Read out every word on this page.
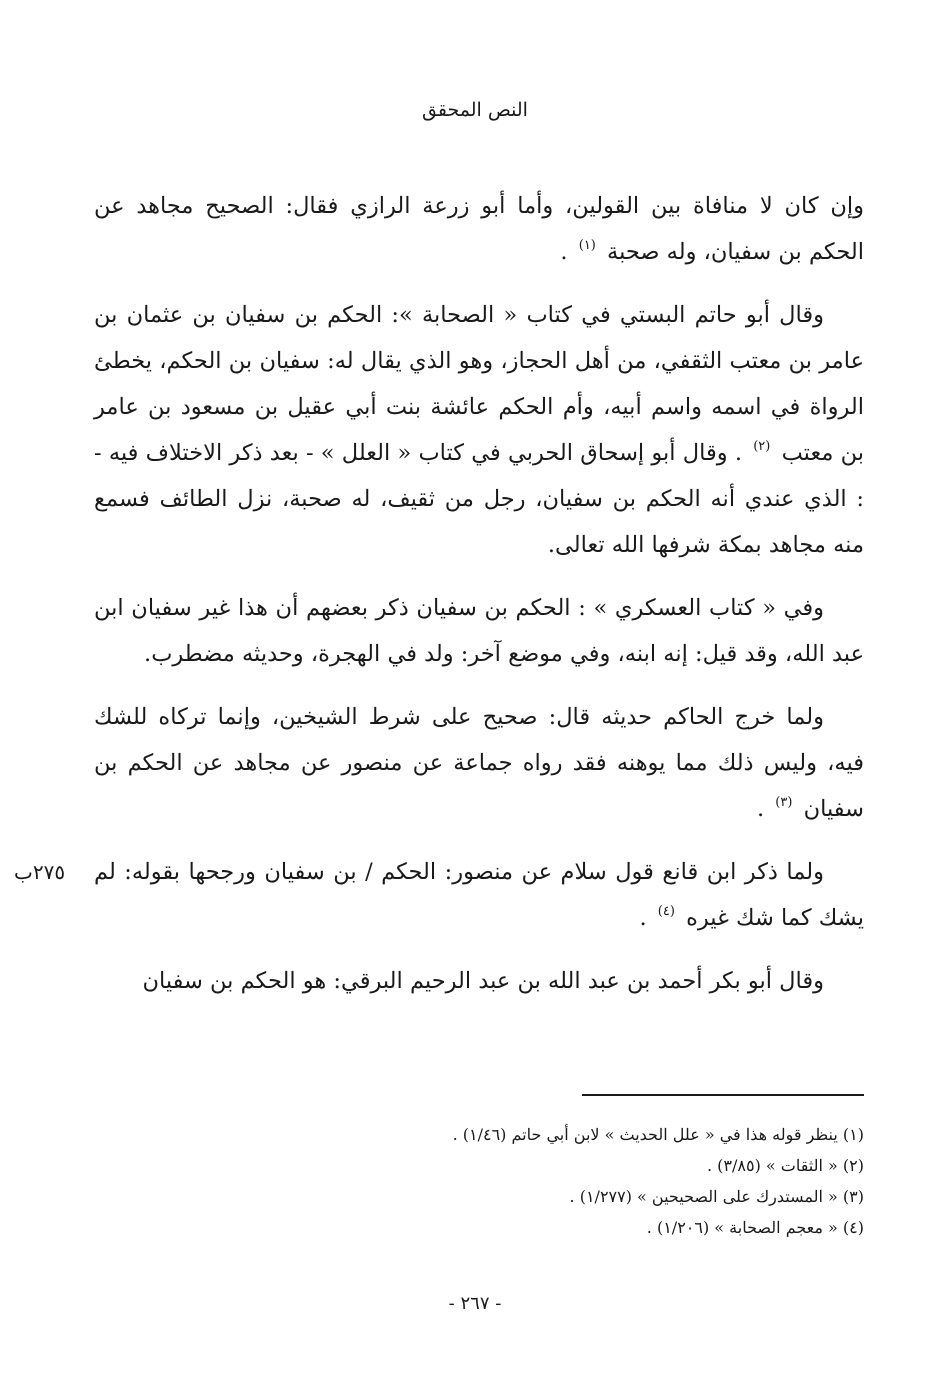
النص المحقق

وإن كان لا منافاة بين القولين، وأما أبو زرعة الرازي فقال: الصحيح مجاهد عن الحكم بن سفيان، وله صحبة $^{(١)}$ .

وقال أبو حاتم البستي في كتاب « الصحابة »: الحكم بن سفيان بن عثمان بن عامر بن معتب الثقفي، من أهل الحجاز، وهو الذي يقال له: سفيان بن الحكم، يخطئ الرواة في اسمه واسم أبيه، وأم الحكم عائشة بنت أبي عقيل بن مسعود بن عامر بن معتب $^{(٢)}$ . وقال أبو إسحاق الحربي في كتاب « العلل » - بعد ذكر الاختلاف فيه - : الذي عندي أنه الحكم بن سفيان، رجل من ثقيف، له صحبة، نزل الطائف فسمع منه مجاهد بمكة شرفها الله تعالى.

وفي « كتاب العسكري » : الحكم بن سفيان ذكر بعضهم أن هذا غير سفيان ابن عبد الله، وقد قيل: إنه ابنه، وفي موضع آخر: ولد في الهجرة، وحديثه مضطرب.

ولما خرج الحاكم حديثه قال: صحيح على شرط الشيخين، وإنما تركاه للشك فيه، وليس ذلك مما يوهنه فقد رواه جماعة عن منصور عن مجاهد عن الحكم بن سفيان $^{(٣)}$ .

٢٧٥ب ولما ذكر ابن قانع قول سلام عن منصور: الحكم / بن سفيان ورجحها بقوله: لم يشك كما شك غيره $^{(٤)}$ .

وقال أبو بكر أحمد بن عبد الله بن عبد الرحيم البرقي: هو الحكم بن سفيان

(١) ينظر قوله هذا في « علل الحديث » لابن أبي حاتم (١/٤٦) .

(٢) « الثقات » (٣/٨٥) .

(٣) « المستدرك على الصحيحين » (١/٢٧٧) .

(٤) « معجم الصحابة » (١/٢٠٦) .

- ٢٦٧ -
